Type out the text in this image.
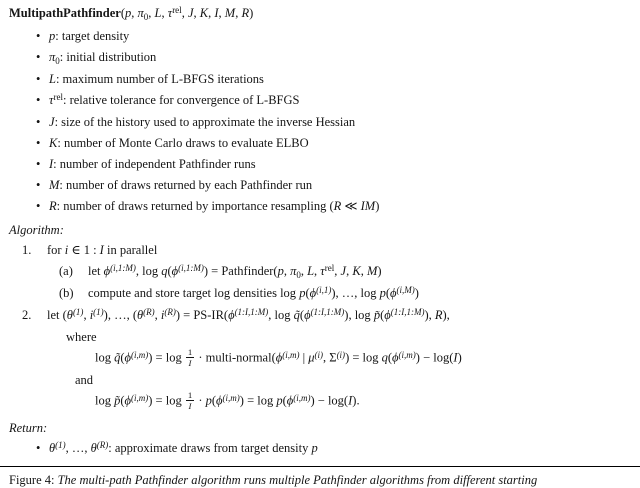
MultipathPathfinder(p, $\pi_0$, L, $\tau^{rel}$, J, K, I, M, R)
• p: target density
• $\pi_0$: initial distribution
• L: maximum number of L-BFGS iterations
• $\tau^{rel}$: relative tolerance for convergence of L-BFGS
• J: size of the history used to approximate the inverse Hessian
• K: number of Monte Carlo draws to evaluate ELBO
• I: number of independent Pathfinder runs
• M: number of draws returned by each Pathfinder run
• R: number of draws returned by importance resampling (R ≪ IM)
Algorithm:
1.	for i ∈ 1 : I in parallel
(a)	let $\phi^{(i,1:M)}$, $\log q(\phi^{(i,1:M)})$ = Pathfinder(p, $\pi_0$, L, $\tau^{rel}$, J, K, M)
(b)	compute and store target log densities $\log p(\phi^{(i,1)})$, …, $\log p(\phi^{(i,M)})$
2.	let ($\theta^{(1)}$, $i^{(1)}$), …, ($\theta^{(R)}$, $i^{(R)}) = PS-IR(\phi^{(1:I,1:M)}$, $\log q̃(\phi^{(1:I,1:M)})$, $\log p̃(\phi^{(1:I,1:M)})$, R),
where
$\log q̃(\phi^{(i,m)}) = \log \frac{1}{I}$ · multi-$normal(\phi^{(i,m)}$ | $\mu^{(i)}$, $\Sigma^{(i)}) = \log q(\phi^{(i,m)}) - \log(I)$
and
$\log p̃(\phi^{(i,m)}) = \log \frac{1}{I} \cdot p(\phi^{(i,m)}) = \log p(\phi^{(i,m)}) - \log(I)$.
Return:
• $\theta^{(1)}$, …, $\theta^{(R)}$: approximate draws from target density p
Figure 4: The multi-path Pathfinder algorithm runs multiple Pathfinder algorithms from different starting
